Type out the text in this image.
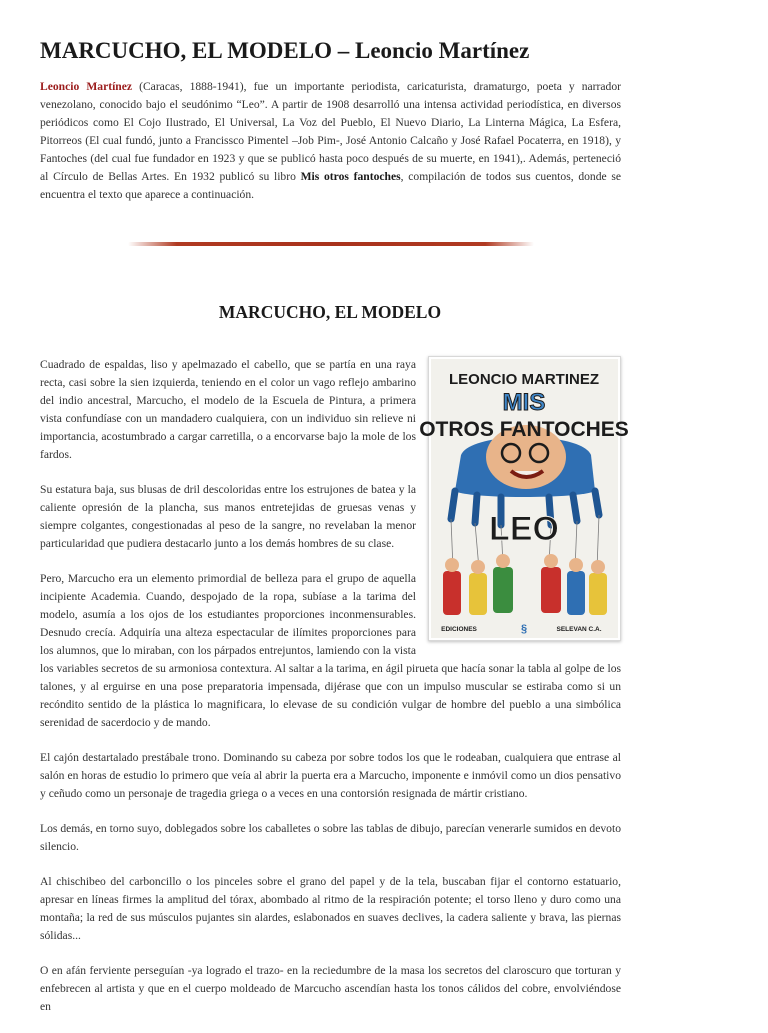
MARCUCHO, EL MODELO – Leoncio Martínez

Leoncio Martínez (Caracas, 1888-1941), fue un importante periodista, caricaturista, dramaturgo, poeta y narrador venezolano, conocido bajo el seudónimo “Leo”. A partir de 1908 desarrolló una intensa actividad periodística, en diversos periódicos como El Cojo Ilustrado, El Universal, La Voz del Pueblo, El Nuevo Diario, La Linterna Mágica, La Esfera, Pitorreos (El cual fundó, junto a Francissco Pimentel –Job Pim-, José Antonio Calcaño y José Rafael Pocaterra, en 1918), y Fantoches (del cual fue fundador en 1923 y que se publicó hasta poco después de su muerte, en 1941),. Además, perteneció al Círculo de Bellas Artes. En 1932 publicó su libro Mis otros fantoches, compilación de todos sus cuentos, donde se encuentra el texto que aparece a continuación.

MARCUCHO, EL MODELO
LEONCIO MARTINEZ
MIS
OTROS FANTOCHES
LEO
EDICIONES	§	SELEVAN C.A.

Cuadrado de espaldas, liso y apelmazado el cabello, que se partía en una raya recta, casi sobre la sien izquierda, teniendo en el color un vago reflejo ambarino del indio ancestral, Marcucho, el modelo de la Escuela de Pintura, a primera vista confundíase con un mandadero cualquiera, con un individuo sin relieve ni importancia, acostumbrado a cargar carretilla, o a encorvarse bajo la mole de los fardos.

Su estatura baja, sus blusas de dril descoloridas entre los estrujones de batea y la caliente opresión de la plancha, sus manos entretejidas de gruesas venas y siempre colgantes, congestionadas al peso de la sangre, no revelaban la menor particularidad que pudiera destacarlo junto a los demás hombres de su clase.

Pero, Marcucho era un elemento primordial de belleza para el grupo de aquella incipiente Academia. Cuando, despojado de la ropa, subíase a la tarima del modelo, asumía a los ojos de los estudiantes proporciones inconmensurables. Desnudo crecía. Adquiría una alteza espectacular de ilímites proporciones para los alumnos, que lo miraban, con los párpados entrejuntos, lamiendo con la vista los variables secretos de su armoniosa contextura. Al saltar a la tarima, en ágil pirueta que hacía sonar la tabla al golpe de los talones, y al erguirse en una pose preparatoria impensada, dijérase que con un impulso muscular se estiraba como si un recóndito sentido de la plástica lo magnificara, lo elevase de su condición vulgar de hombre del pueblo a una simbólica serenidad de sacerdocio y de mando.

El cajón destartalado prestábale trono. Dominando su cabeza por sobre todos los que le rodeaban, cualquiera que entrase al salón en horas de estudio lo primero que veía al abrir la puerta era a Marcucho, imponente e inmóvil como un dios pensativo y ceñudo como un personaje de tragedia griega o a veces en una contorsión resignada de mártir cristiano.

Los demás, en torno suyo, doblegados sobre los caballetes o sobre las tablas de dibujo, parecían venerarle sumidos en devoto silencio.

Al chischibeo del carboncillo o los pinceles sobre el grano del papel y de la tela, buscaban fijar el contorno estatuario, apresar en líneas firmes la amplitud del tórax, abombado al ritmo de la respiración potente; el torso lleno y duro como una montaña; la red de sus músculos pujantes sin alardes, eslabonados en suaves declives, la cadera saliente y brava, las piernas sólidas...

O en afán ferviente perseguían -ya logrado el trazo- en la reciedumbre de la masa los secretos del claroscuro que torturan y enfebrecen al artista y que en el cuerpo moldeado de Marcucho ascendían hasta los tonos cálidos del cobre, envolviéndose en
